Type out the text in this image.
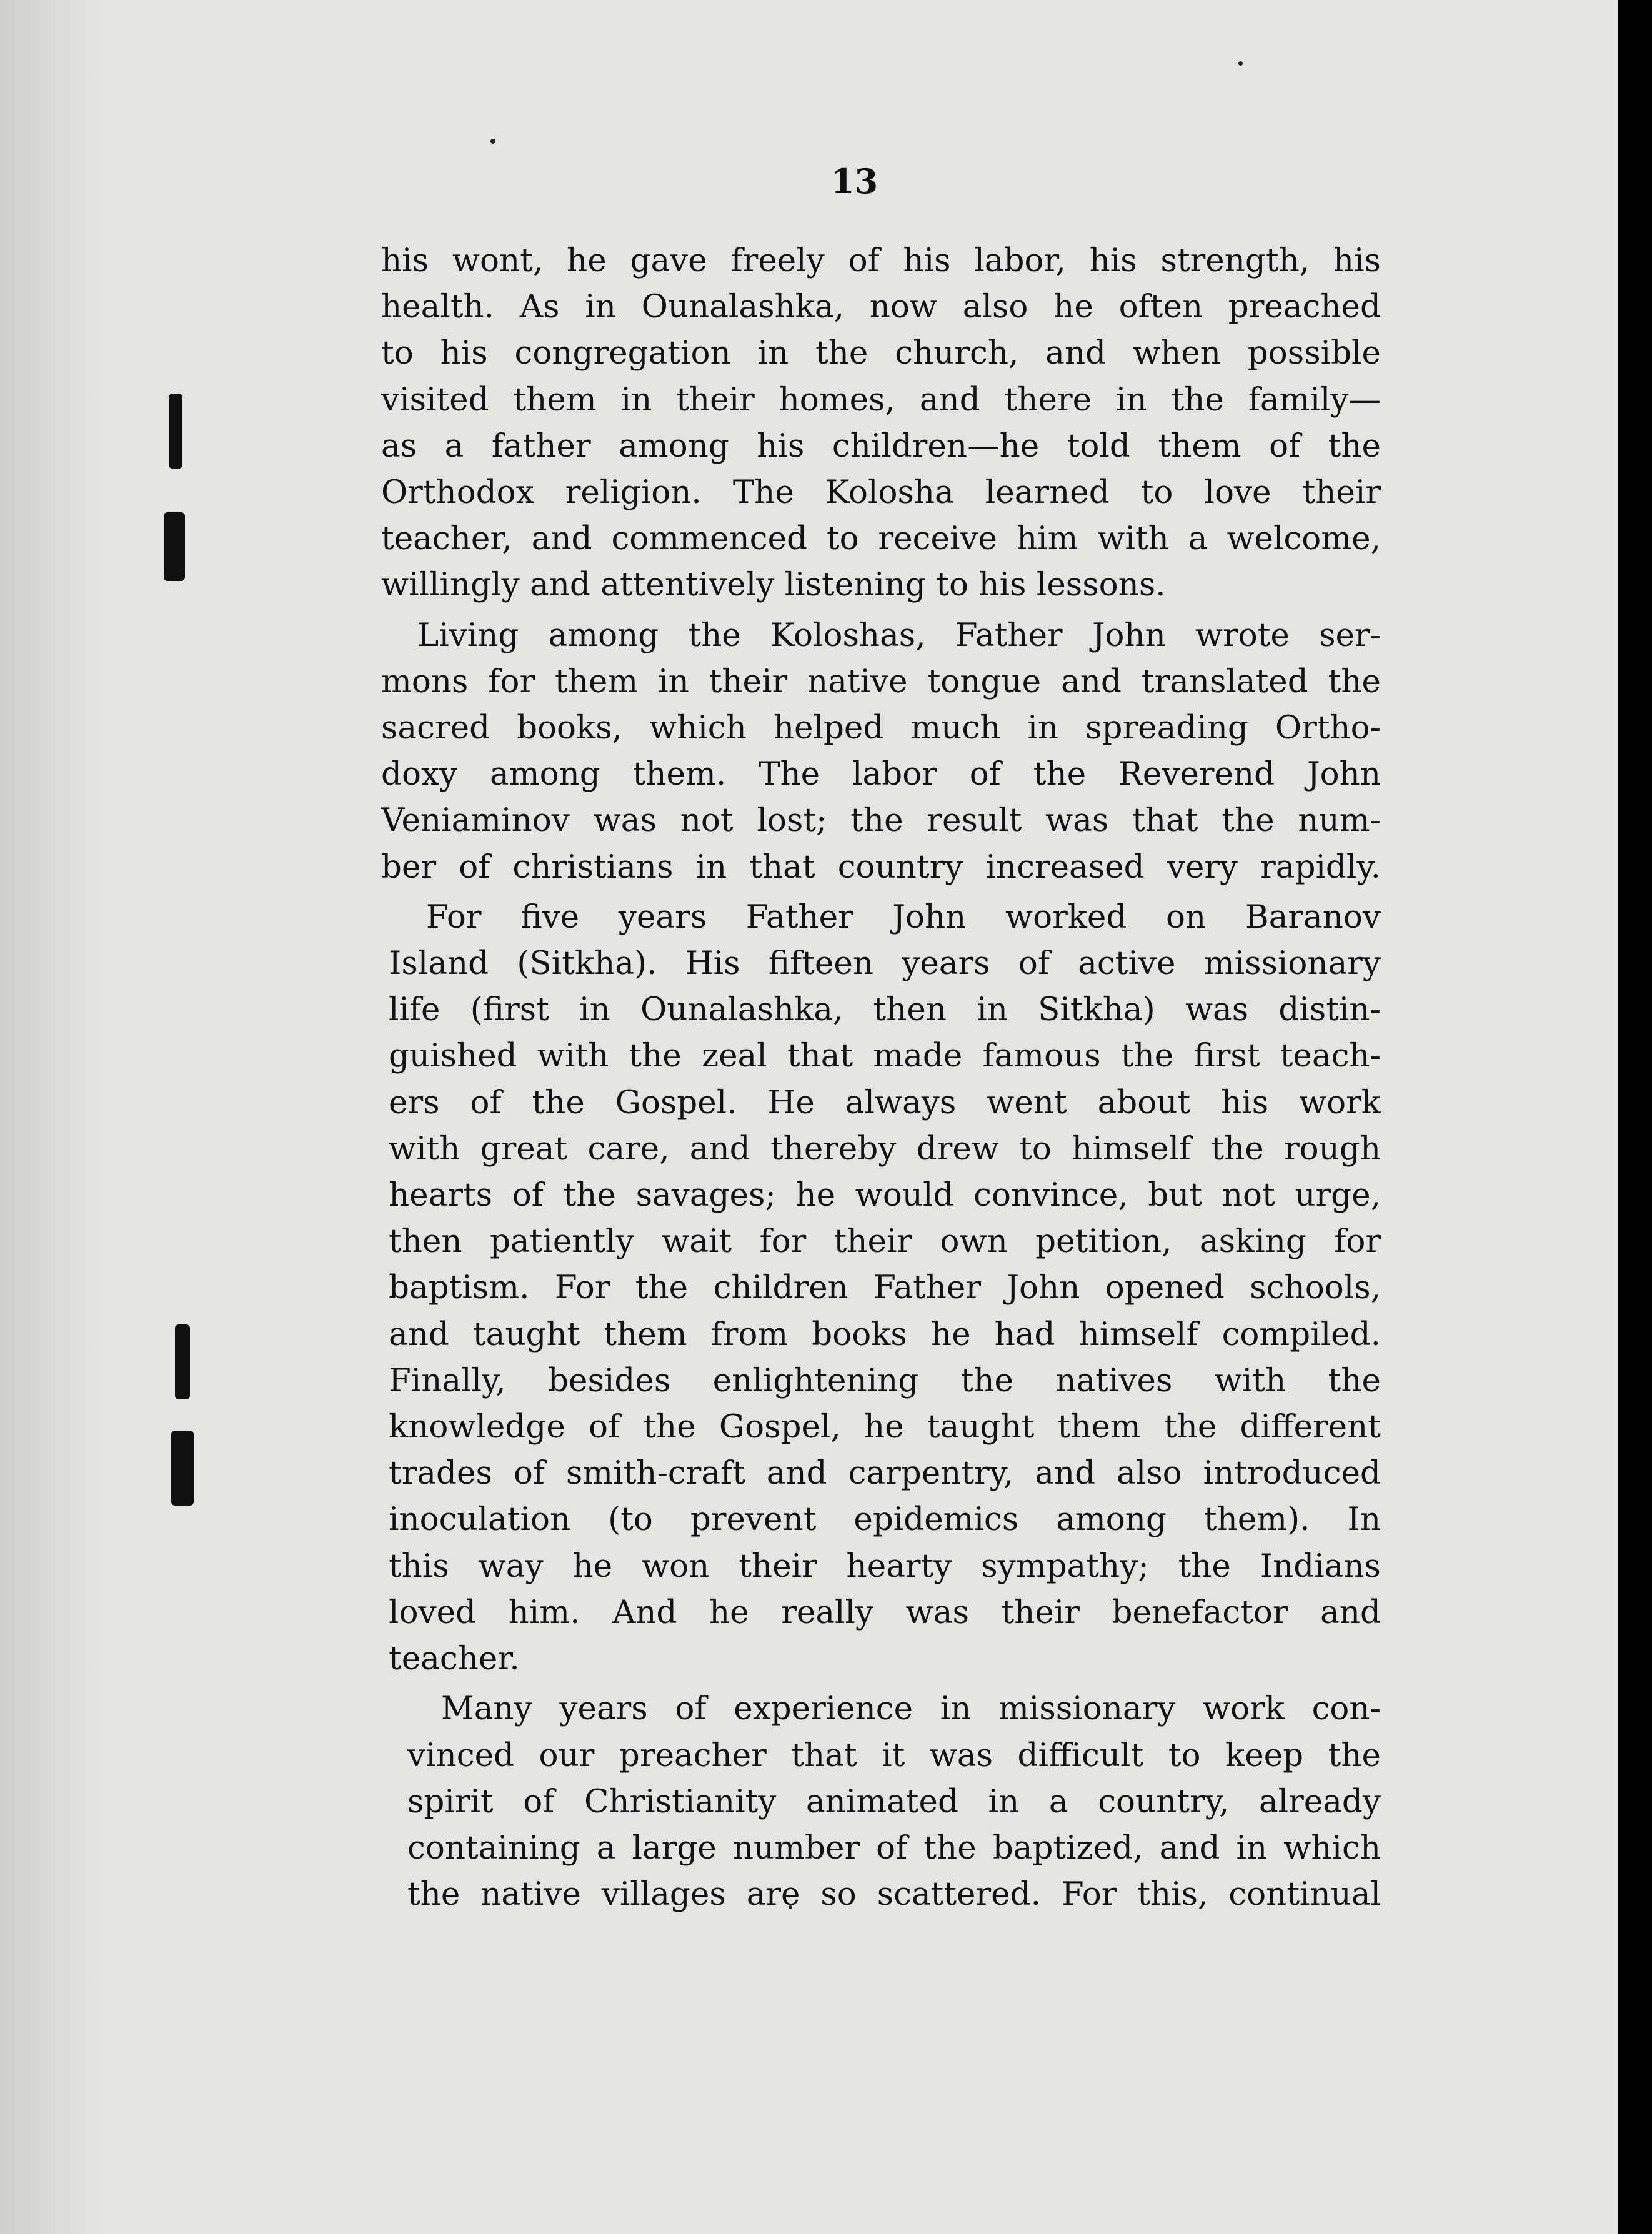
13
his wont, he gave freely of his labor, his strength, his
health. As in Ounalashka, now also he often preached
to his congregation in the church, and when possible
visited them in their homes, and there in the family—
as a father among his children—he told them of the
Orthodox religion. The Kolosha learned to love their
teacher, and commenced to receive him with a welcome,
willingly and attentively listening to his lessons.
Living among the Koloshas, Father John wrote ser-
mons for them in their native tongue and translated the
sacred books, which helped much in spreading Ortho-
doxy among them. The labor of the Reverend John
Veniaminov was not lost; the result was that the num-
ber of christians in that country increased very rapidly.
For five years Father John worked on Baranov
Island (Sitkha). His fifteen years of active missionary
life (first in Ounalashka, then in Sitkha) was distin-
guished with the zeal that made famous the first teach-
ers of the Gospel. He always went about his work
with great care, and thereby drew to himself the rough
hearts of the savages; he would convince, but not urge,
then patiently wait for their own petition, asking for
baptism. For the children Father John opened schools,
and taught them from books he had himself compiled.
Finally, besides enlightening the natives with the
knowledge of the Gospel, he taught them the different
trades of smith-craft and carpentry, and also introduced
inoculation (to prevent epidemics among them). In
this way he won their hearty sympathy; the Indians
loved him. And he really was their benefactor and
teacher.
Many years of experience in missionary work con-
vinced our preacher that it was difficult to keep the
spirit of Christianity animated in a country, already
containing a large number of the baptized, and in which
the native villages are so scattered. For this, continual
